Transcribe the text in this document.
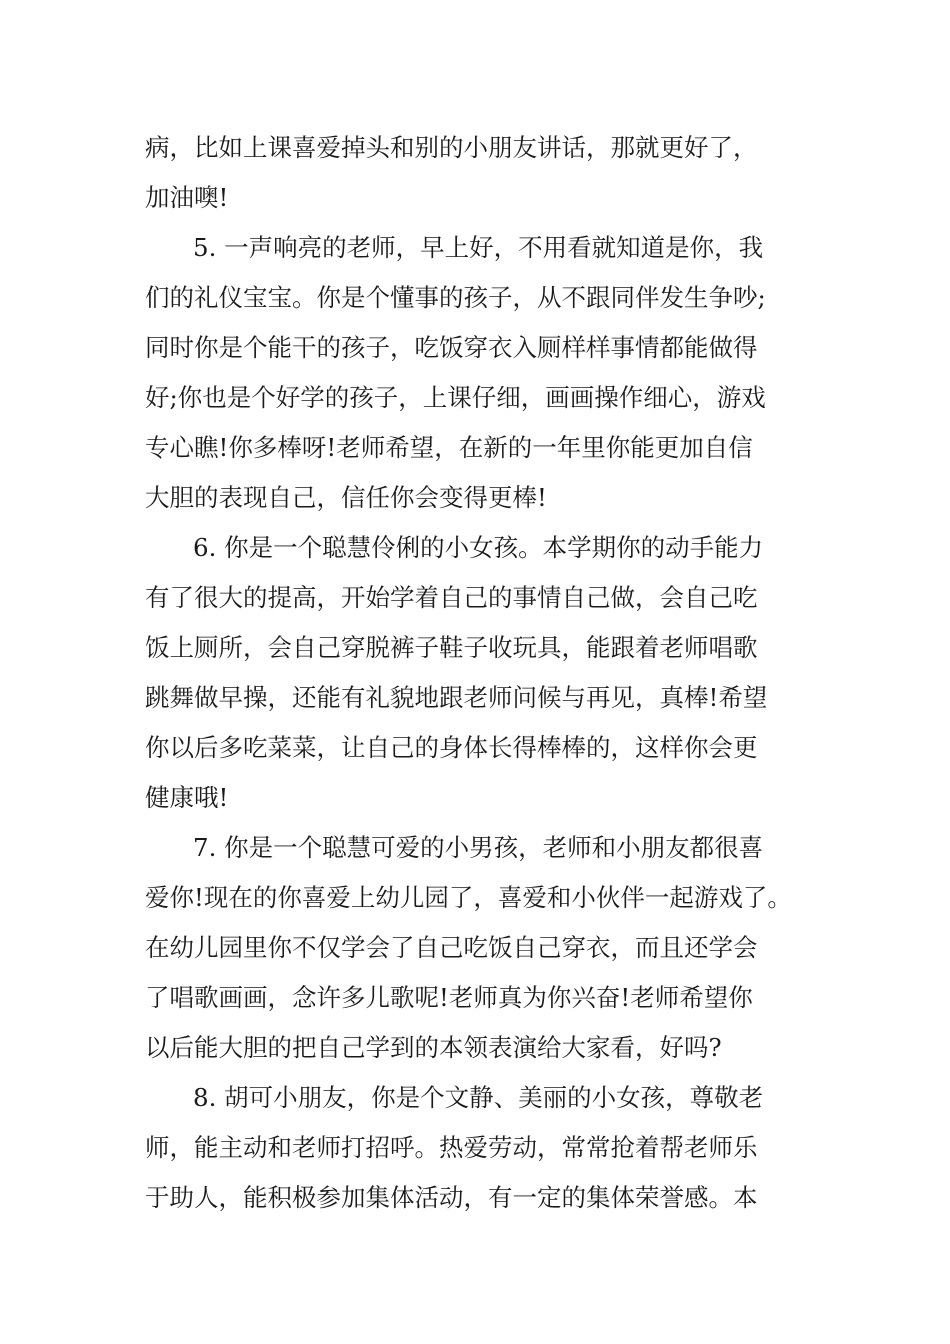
病，比如上课喜爱掉头和别的小朋友讲话，那就更好了，
加油噢!
5. 一声响亮的老师，早上好，不用看就知道是你，我
们的礼仪宝宝。你是个懂事的孩子，从不跟同伴发生争吵;
同时你是个能干的孩子，吃饭穿衣入厕样样事情都能做得
好;你也是个好学的孩子，上课仔细，画画操作细心，游戏
专心瞧!你多棒呀!老师希望，在新的一年里你能更加自信
大胆的表现自己，信任你会变得更棒!
6. 你是一个聪慧伶俐的小女孩。本学期你的动手能力
有了很大的提高，开始学着自己的事情自己做，会自己吃
饭上厕所，会自己穿脱裤子鞋子收玩具，能跟着老师唱歌
跳舞做早操，还能有礼貌地跟老师问候与再见，真棒!希望
你以后多吃菜菜，让自己的身体长得棒棒的，这样你会更
健康哦!
7. 你是一个聪慧可爱的小男孩，老师和小朋友都很喜
爱你!现在的你喜爱上幼儿园了，喜爱和小伙伴一起游戏了。
在幼儿园里你不仅学会了自己吃饭自己穿衣，而且还学会
了唱歌画画，念许多儿歌呢!老师真为你兴奋!老师希望你
以后能大胆的把自己学到的本领表演给大家看，好吗?
8. 胡可小朋友，你是个文静、美丽的小女孩，尊敬老
师，能主动和老师打招呼。热爱劳动，常常抢着帮老师乐
于助人，能积极参加集体活动，有一定的集体荣誉感。本
